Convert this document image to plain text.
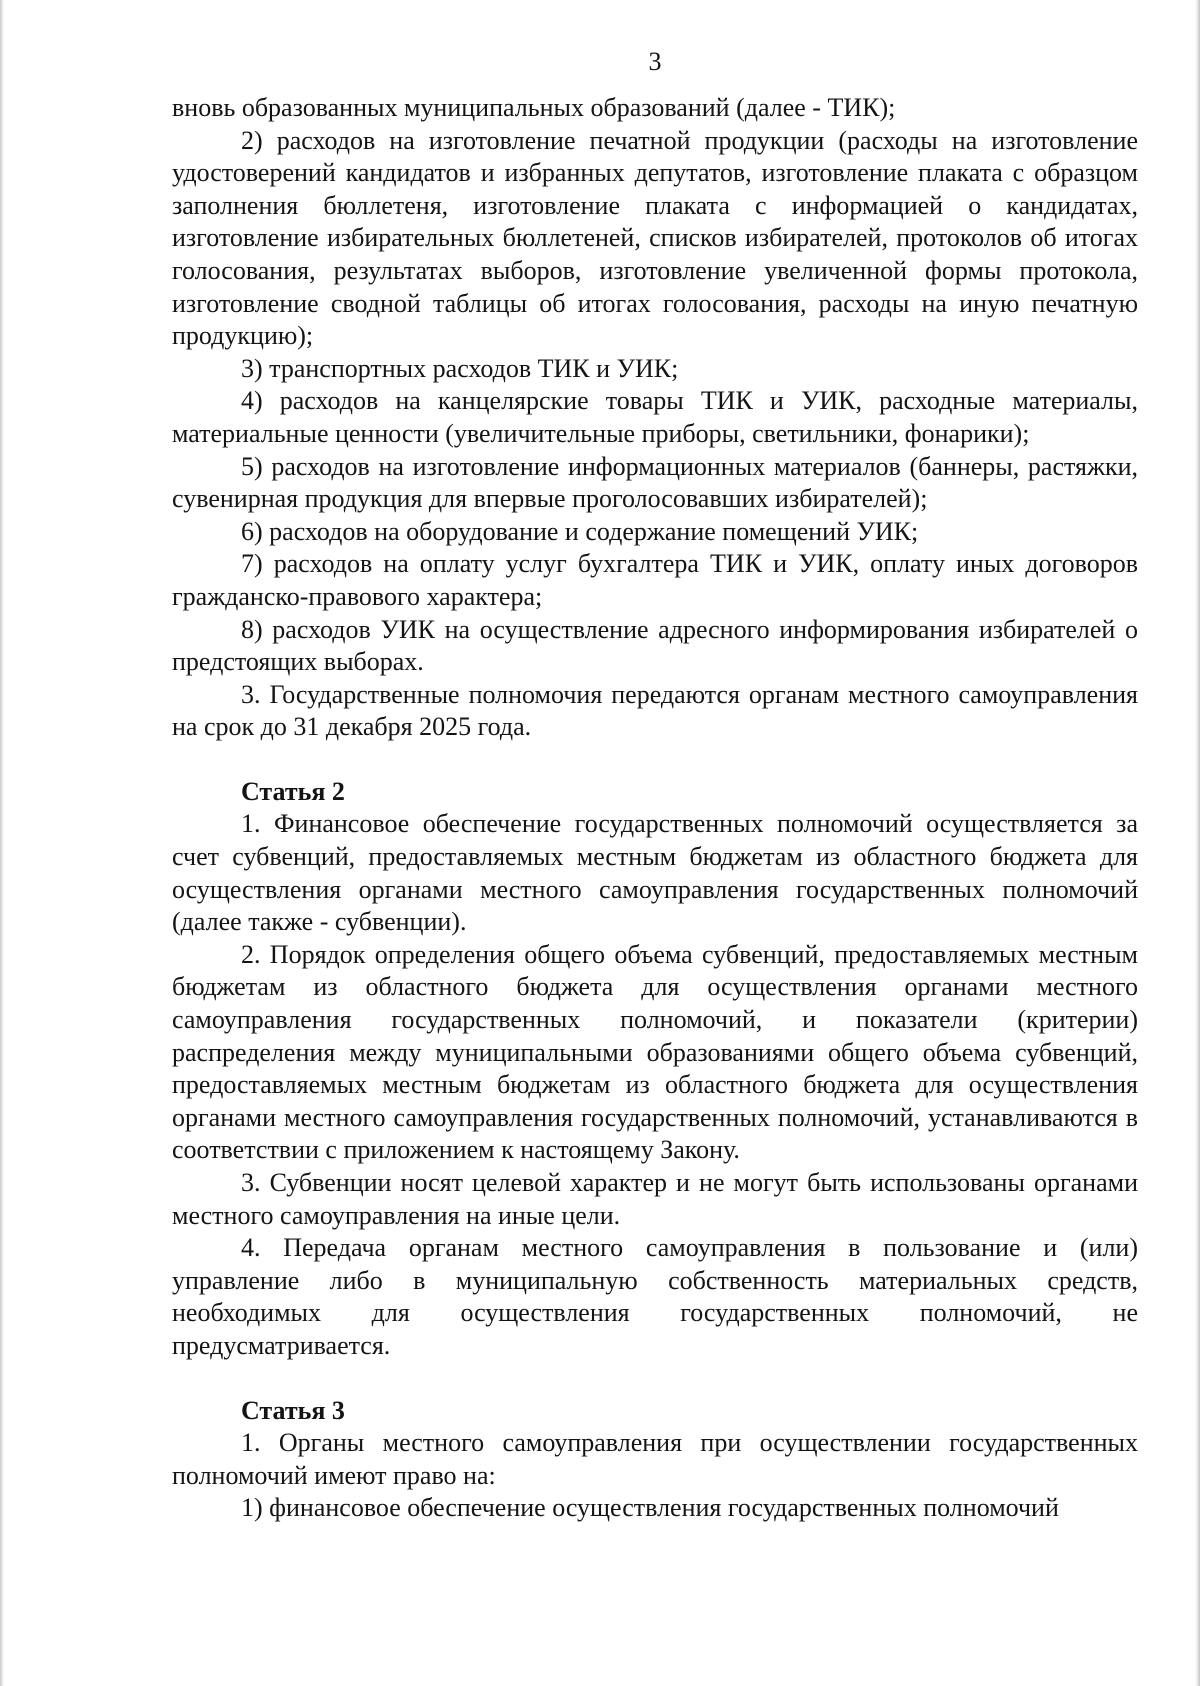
3

вновь образованных муниципальных образований (далее - ТИК);

2) расходов на изготовление печатной продукции (расходы на изготовление удостоверений кандидатов и избранных депутатов, изготовление плаката с образцом заполнения бюллетеня, изготовление плаката с информацией о кандидатах, изготовление избирательных бюллетеней, списков избирателей, протоколов об итогах голосования, результатах выборов, изготовление увеличенной формы протокола, изготовление сводной таблицы об итогах голосования, расходы на иную печатную продукцию);

3) транспортных расходов ТИК и УИК;

4) расходов на канцелярские товары ТИК и УИК, расходные материалы, материальные ценности (увеличительные приборы, светильники, фонарики);

5) расходов на изготовление информационных материалов (баннеры, растяжки, сувенирная продукция для впервые проголосовавших избирателей);

6) расходов на оборудование и содержание помещений УИК;

7) расходов на оплату услуг бухгалтера ТИК и УИК, оплату иных договоров гражданско-правового характера;

8) расходов УИК на осуществление адресного информирования избирателей о предстоящих выборах.

3. Государственные полномочия передаются органам местного самоуправления на срок до 31 декабря 2025 года.

Статья 2

1. Финансовое обеспечение государственных полномочий осуществляется за счет субвенций, предоставляемых местным бюджетам из областного бюджета для осуществления органами местного самоуправления государственных полномочий (далее также - субвенции).

2. Порядок определения общего объема субвенций, предоставляемых местным бюджетам из областного бюджета для осуществления органами местного самоуправления государственных полномочий, и показатели (критерии) распределения между муниципальными образованиями общего объема субвенций, предоставляемых местным бюджетам из областного бюджета для осуществления органами местного самоуправления государственных полномочий, устанавливаются в соответствии с приложением к настоящему Закону.

3. Субвенции носят целевой характер и не могут быть использованы органами местного самоуправления на иные цели.

4. Передача органам местного самоуправления в пользование и (или) управление либо в муниципальную собственность материальных средств, необходимых для осуществления государственных полномочий, не предусматривается.

Статья 3

1. Органы местного самоуправления при осуществлении государственных полномочий имеют право на:

1) финансовое обеспечение осуществления государственных полномочий
